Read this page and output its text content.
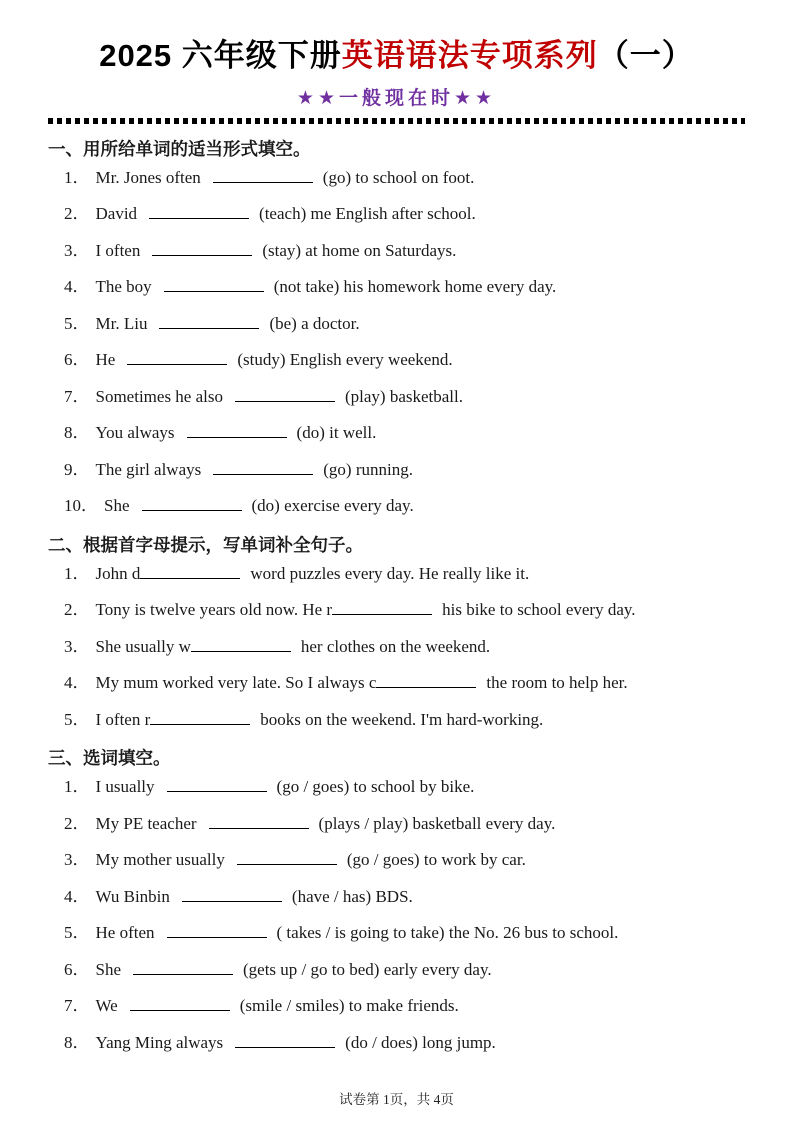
2025 六年级下册英语语法专项系列（一）
★★一般现在时★★
一、用所给单词的适当形式填空。
1． Mr. Jones often	(go) to school on foot.
2． David	(teach) me English after school.
3． I often	(stay) at home on Saturdays.
4． The boy	(not take) his homework home every day.
5． Mr. Liu	(be) a doctor.
6． He	(study) English every weekend.
7． Sometimes he also	(play) basketball.
8． You always	(do) it well.
9． The girl always	(go) running.
10． She	(do) exercise every day.
二、根据首字母提示，写单词补全句子。
1． John d	word puzzles every day. He really like it.
2． Tony is twelve years old now. He r	his bike to school every day.
3． She usually w	her clothes on the weekend.
4． My mum worked very late. So I always c	the room to help her.
5． I often r	books on the weekend. I'm hard-working.
三、选词填空。
1． I usually	(go / goes) to school by bike.
2． My PE teacher	(plays / play) basketball every day.
3． My mother usually	(go / goes) to work by car.
4． Wu Binbin	(have / has) BDS.
5． He often	( takes / is going to take) the No. 26 bus to school.
6． She	(gets up / go to bed) early every day.
7． We	(smile / smiles) to make friends.
8． Yang Ming always	(do / does) long jump.
试卷第 1页，共 4页
